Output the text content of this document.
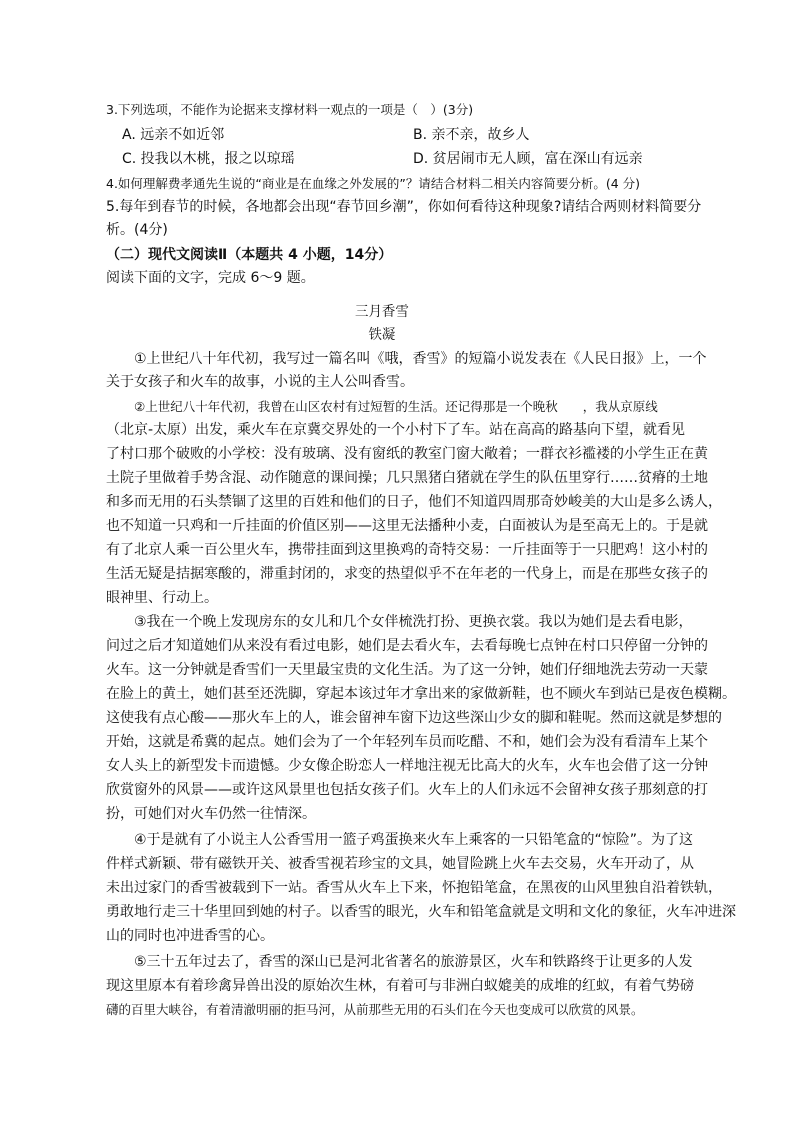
3.下列选项，不能作为论据来支撑材料一观点的一项是（　）(3分)
A. 远亲不如近邻	B. 亲不亲，故乡人
C. 投我以木桃，报之以琼瑶	D. 贫居闹市无人顾，富在深山有远亲
4.如何理解费孝通先生说的“商业是在血缘之外发展的”？请结合材料二相关内容简要分析。(4 分)
5.每年到春节的时候，各地都会出现“春节回乡潮”，你如何看待这种现象?请结合两则材料简要分
析。(4分)
（二）现代文阅读Ⅱ（本题共 4 小题，14分）
阅读下面的文字，完成 6～9 题。
三月香雪
铁凝
①上世纪八十年代初，我写过一篇名叫《哦，香雪》的短篇小说发表在《人民日报》上，一个
关于女孩子和火车的故事，小说的主人公叫香雪。
②上世纪八十年代初，我曾在山区农村有过短暂的生活。还记得那是一个晚秋　　，我从京原线
（北京-太原）出发，乘火车在京冀交界处的一个小村下了车。站在高高的路基向下望，就看见
了村口那个破败的小学校：没有玻璃、没有窗纸的教室门窗大敞着；一群衣衫褴褛的小学生正在黄
土院子里做着手势含混、动作随意的课间操；几只黑猪白猪就在学生的队伍里穿行……贫瘠的土地
和多而无用的石头禁锢了这里的百姓和他们的日子，他们不知道四周那奇妙峻美的大山是多么诱人，
也不知道一只鸡和一斤挂面的价值区别——这里无法播种小麦，白面被认为是至高无上的。于是就
有了北京人乘一百公里火车，携带挂面到这里换鸡的奇特交易：一斤挂面等于一只肥鸡！这小村的
生活无疑是拮据寒酸的，滞重封闭的，求变的热望似乎不在年老的一代身上，而是在那些女孩子的
眼神里、行动上。
③我在一个晚上发现房东的女儿和几个女伴梳洗打扮、更换衣裳。我以为她们是去看电影，
问过之后才知道她们从来没有看过电影，她们是去看火车，去看每晚七点钟在村口只停留一分钟的
火车。这一分钟就是香雪们一天里最宝贵的文化生活。为了这一分钟，她们仔细地洗去劳动一天蒙
在脸上的黄土，她们甚至还洗脚，穿起本该过年才拿出来的家做新鞋，也不顾火车到站已是夜色模糊。
这使我有点心酸——那火车上的人，谁会留神车窗下边这些深山少女的脚和鞋呢。然而这就是梦想的
开始，这就是希冀的起点。她们会为了一个年轻列车员而吃醋、不和，她们会为没有看清车上某个
女人头上的新型发卡而遗憾。少女像企盼恋人一样地注视无比高大的火车，火车也会借了这一分钟
欣赏窗外的风景——或许这风景里也包括女孩子们。火车上的人们永远不会留神女孩子那刻意的打
扮，可她们对火车仍然一往情深。
④于是就有了小说主人公香雪用一篮子鸡蛋换来火车上乘客的一只铅笔盒的“惊险”。为了这
件样式新颖、带有磁铁开关、被香雪视若珍宝的文具，她冒险跳上火车去交易，火车开动了，从
未出过家门的香雪被载到下一站。香雪从火车上下来，怀抱铅笔盒，在黑夜的山风里独自沿着铁轨，
勇敢地行走三十华里回到她的村子。以香雪的眼光，火车和铅笔盒就是文明和文化的象征，火车冲进深
山的同时也冲进香雪的心。
⑤三十五年过去了，香雪的深山已是河北省著名的旅游景区，火车和铁路终于让更多的人发
现这里原本有着珍禽异兽出没的原始次生林，有着可与非洲白蚁媲美的成堆的红蚁，有着气势磅
礴的百里大峡谷，有着清澈明丽的拒马河，从前那些无用的石头们在今天也变成可以欣赏的风景。
